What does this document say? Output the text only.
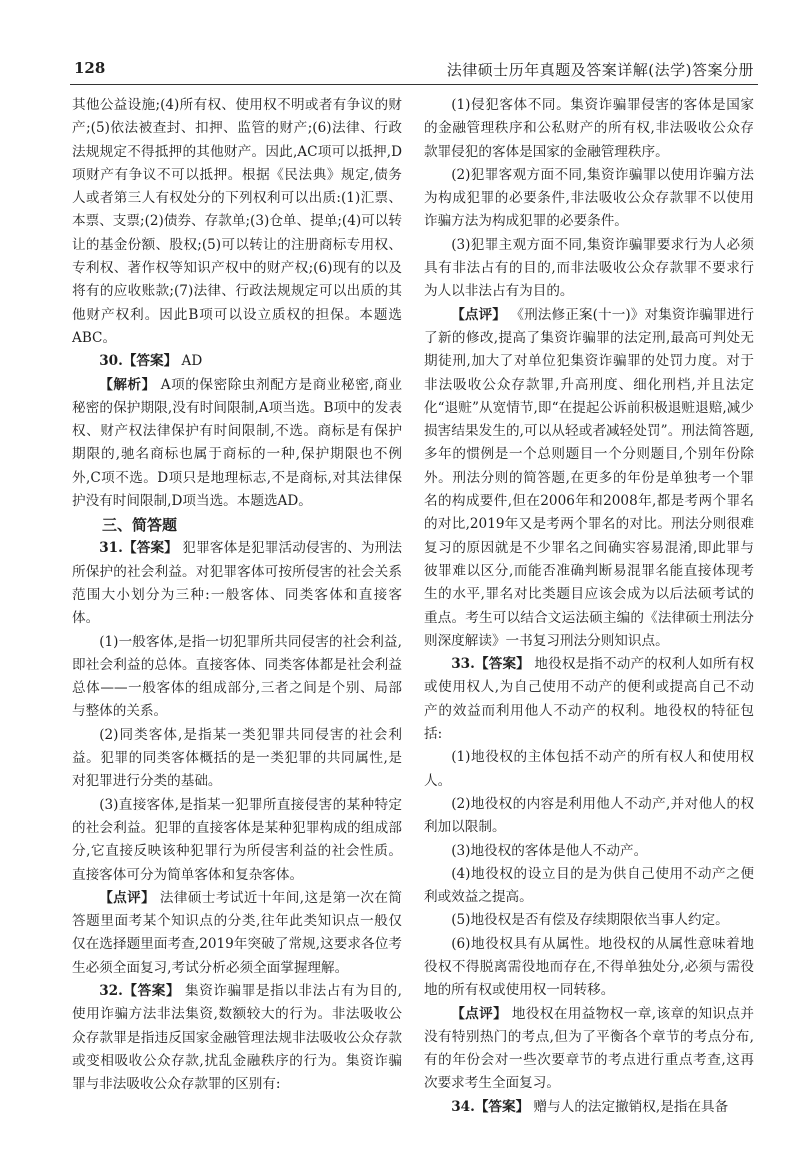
128	法律硕士历年真题及答案详解(法学)答案分册

其他公益设施;(4)所有权、使用权不明或者有争议的财产;(5)依法被查封、扣押、监管的财产;(6)法律、行政法规规定不得抵押的其他财产。因此,AC项可以抵押,D项财产有争议不可以抵押。根据《民法典》规定,债务人或者第三人有权处分的下列权利可以出质:(1)汇票、本票、支票;(2)债券、存款单;(3)仓单、提单;(4)可以转让的基金份额、股权;(5)可以转让的注册商标专用权、专利权、著作权等知识产权中的财产权;(6)现有的以及将有的应收账款;(7)法律、行政法规规定可以出质的其他财产权利。因此B项可以设立质权的担保。本题选ABC。

30.【答案】 AD

【解析】 A项的保密除虫剂配方是商业秘密,商业秘密的保护期限,没有时间限制,A项当选。B项中的发表权、财产权法律保护有时间限制,不选。商标是有保护期限的,驰名商标也属于商标的一种,保护期限也不例外,C项不选。D项只是地理标志,不是商标,对其法律保护没有时间限制,D项当选。本题选AD。

三、简答题

31.【答案】 犯罪客体是犯罪活动侵害的、为刑法所保护的社会利益。对犯罪客体可按所侵害的社会关系范围大小划分为三种:一般客体、同类客体和直接客体。

(1)一般客体,是指一切犯罪所共同侵害的社会利益,即社会利益的总体。直接客体、同类客体都是社会利益总体——一般客体的组成部分,三者之间是个别、局部与整体的关系。

(2)同类客体,是指某一类犯罪共同侵害的社会利益。犯罪的同类客体概括的是一类犯罪的共同属性,是对犯罪进行分类的基础。

(3)直接客体,是指某一犯罪所直接侵害的某种特定的社会利益。犯罪的直接客体是某种犯罪构成的组成部分,它直接反映该种犯罪行为所侵害利益的社会性质。直接客体可分为简单客体和复杂客体。

【点评】 法律硕士考试近十年间,这是第一次在简答题里面考某个知识点的分类,往年此类知识点一般仅仅在选择题里面考查,2019年突破了常规,这要求各位考生必须全面复习,考试分析必须全面掌握理解。

32.【答案】 集资诈骗罪是指以非法占有为目的,使用诈骗方法非法集资,数额较大的行为。非法吸收公众存款罪是指违反国家金融管理法规非法吸收公众存款或变相吸收公众存款,扰乱金融秩序的行为。集资诈骗罪与非法吸收公众存款罪的区别有:

(1)侵犯客体不同。集资诈骗罪侵害的客体是国家的金融管理秩序和公私财产的所有权,非法吸收公众存款罪侵犯的客体是国家的金融管理秩序。

(2)犯罪客观方面不同,集资诈骗罪以使用诈骗方法为构成犯罪的必要条件,非法吸收公众存款罪不以使用诈骗方法为构成犯罪的必要条件。

(3)犯罪主观方面不同,集资诈骗罪要求行为人必须具有非法占有的目的,而非法吸收公众存款罪不要求行为人以非法占有为目的。

【点评】 《刑法修正案(十一)》对集资诈骗罪进行了新的修改,提高了集资诈骗罪的法定刑,最高可判处无期徒刑,加大了对单位犯集资诈骗罪的处罚力度。对于非法吸收公众存款罪,升高刑度、细化刑档,并且法定化“退赃”从宽情节,即“在提起公诉前积极退赃退赔,减少损害结果发生的,可以从轻或者减轻处罚”。刑法简答题,多年的惯例是一个总则题目一个分则题目,个别年份除外。刑法分则的简答题,在更多的年份是单独考一个罪名的构成要件,但在2006年和2008年,都是考两个罪名的对比,2019年又是考两个罪名的对比。刑法分则很难复习的原因就是不少罪名之间确实容易混淆,即此罪与彼罪难以区分,而能否准确判断易混罪名能直接体现考生的水平,罪名对比类题目应该会成为以后法硕考试的重点。考生可以结合文运法硕主编的《法律硕士刑法分则深度解读》一书复习刑法分则知识点。

33.【答案】 地役权是指不动产的权利人如所有权或使用权人,为自己使用不动产的便利或提高自己不动产的效益而利用他人不动产的权利。地役权的特征包括:

(1)地役权的主体包括不动产的所有权人和使用权人。

(2)地役权的内容是利用他人不动产,并对他人的权利加以限制。

(3)地役权的客体是他人不动产。

(4)地役权的设立目的是为供自己使用不动产之便利或效益之提高。

(5)地役权是否有偿及存续期限依当事人约定。

(6)地役权具有从属性。地役权的从属性意味着地役权不得脱离需役地而存在,不得单独处分,必须与需役地的所有权或使用权一同转移。

【点评】 地役权在用益物权一章,该章的知识点并没有特别热门的考点,但为了平衡各个章节的考点分布,有的年份会对一些次要章节的考点进行重点考查,这再次要求考生全面复习。

34.【答案】 赠与人的法定撤销权,是指在具备
